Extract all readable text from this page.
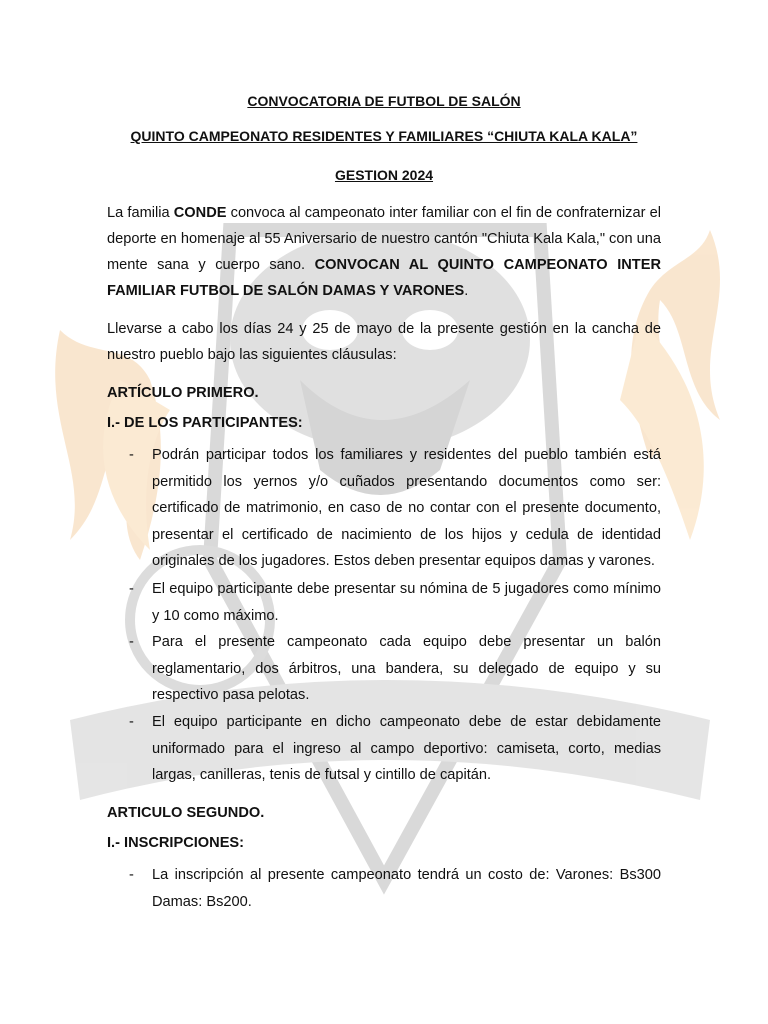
CONVOCATORIA DE FUTBOL DE SALÓN

QUINTO CAMPEONATO RESIDENTES Y FAMILIARES “CHIUTA KALA KALA”

GESTION 2024

La familia CONDE convoca al campeonato inter familiar con el fin de confraternizar el deporte en homenaje al 55 Aniversario de nuestro cantón "Chiuta Kala Kala," con una mente sana y cuerpo sano. CONVOCAN AL QUINTO CAMPEONATO INTER FAMILIAR FUTBOL DE SALÓN DAMAS Y VARONES.

Llevarse a cabo los días 24 y 25 de mayo de la presente gestión en la cancha de nuestro pueblo bajo las siguientes cláusulas:

ARTÍCULO PRIMERO.
I.- DE LOS PARTICIPANTES:
- Podrán participar todos los familiares y residentes del pueblo también está permitido los yernos y/o cuñados presentando documentos como ser: certificado de matrimonio, en caso de no contar con el presente documento, presentar el certificado de nacimiento de los hijos y cedula de identidad originales de los jugadores. Estos deben presentar equipos damas y varones.

- El equipo participante debe presentar su nómina de 5 jugadores como mínimo y 10 como máximo.

- Para el presente campeonato cada equipo debe presentar un balón reglamentario, dos árbitros, una bandera, su delegado de equipo y su respectivo pasa pelotas.

- El equipo participante en dicho campeonato debe de estar debidamente uniformado para el ingreso al campo deportivo: camiseta, corto, medias largas, canilleras, tenis de futsal y cintillo de capitán.

ARTICULO SEGUNDO.
I.- INSCRIPCIONES:
- La inscripción al presente campeonato tendrá un costo de: Varones: Bs300 Damas: Bs200.
